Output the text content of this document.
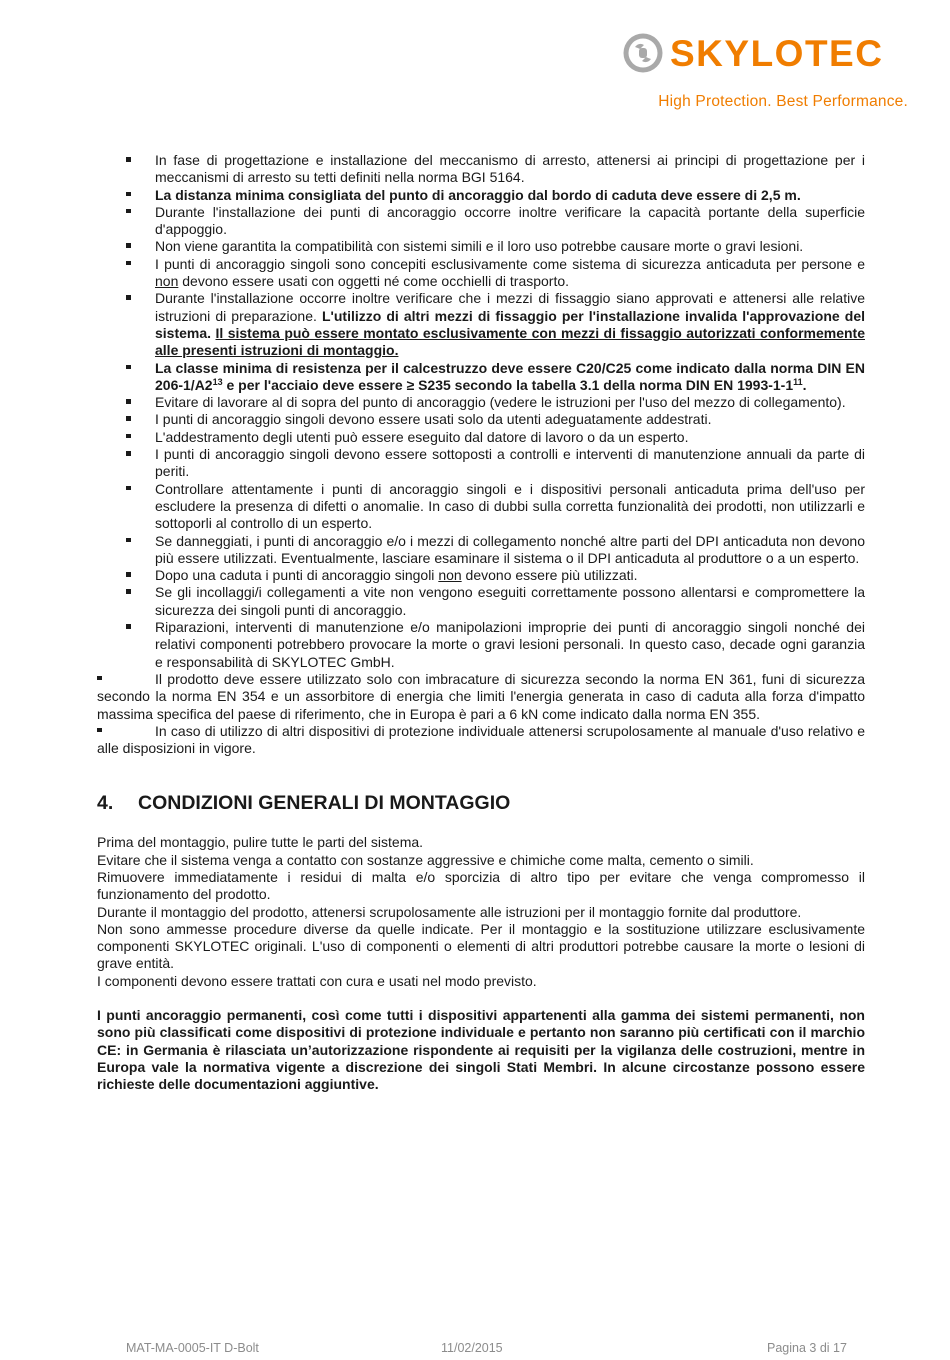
SKYLOTEC
High Protection. Best Performance.
In fase di progettazione e installazione del meccanismo di arresto, attenersi ai principi di progettazione per i meccanismi di arresto su tetti definiti nella norma BGI 5164.
La distanza minima consigliata del punto di ancoraggio dal bordo di caduta deve essere di 2,5 m.
Durante l'installazione dei punti di ancoraggio occorre inoltre verificare la capacità portante della superficie d'appoggio.
Non viene garantita la compatibilità con sistemi simili e il loro uso potrebbe causare morte o gravi lesioni.
I punti di ancoraggio singoli sono concepiti esclusivamente come sistema di sicurezza anticaduta per persone e non devono essere usati con oggetti né come occhielli di trasporto.
Durante l'installazione occorre inoltre verificare che i mezzi di fissaggio siano approvati e attenersi alle relative istruzioni di preparazione. L'utilizzo di altri mezzi di fissaggio per l'installazione invalida l'approvazione del sistema. Il sistema può essere montato esclusivamente con mezzi di fissaggio autorizzati conformemente alle presenti istruzioni di montaggio.
La classe minima di resistenza per il calcestruzzo deve essere C20/C25 come indicato dalla norma DIN EN $206-1/A2^{13}$ e per l'acciaio deve essere ≥ S235 secondo la tabella 3.1 della norma DIN EN $1993-1-1^{11}$.
Evitare di lavorare al di sopra del punto di ancoraggio (vedere le istruzioni per l'uso del mezzo di collegamento).
I punti di ancoraggio singoli devono essere usati solo da utenti adeguatamente addestrati.
L'addestramento degli utenti può essere eseguito dal datore di lavoro o da un esperto.
I punti di ancoraggio singoli devono essere sottoposti a controlli e interventi di manutenzione annuali da parte di periti.
Controllare attentamente i punti di ancoraggio singoli e i dispositivi personali anticaduta prima dell'uso per escludere la presenza di difetti o anomalie. In caso di dubbi sulla corretta funzionalità dei prodotti, non utilizzarli e sottoporli al controllo di un esperto.
Se danneggiati, i punti di ancoraggio e/o i mezzi di collegamento nonché altre parti del DPI anticaduta non devono più essere utilizzati. Eventualmente, lasciare esaminare il sistema o il DPI anticaduta al produttore o a un esperto.
Dopo una caduta i punti di ancoraggio singoli non devono essere più utilizzati.
Se gli incollaggi/i collegamenti a vite non vengono eseguiti correttamente possono allentarsi e compromettere la sicurezza dei singoli punti di ancoraggio.
Riparazioni, interventi di manutenzione e/o manipolazioni improprie dei punti di ancoraggio singoli nonché dei relativi componenti potrebbero provocare la morte o gravi lesioni personali. In questo caso, decade ogni garanzia e responsabilità di SKYLOTEC GmbH.
Il prodotto deve essere utilizzato solo con imbracature di sicurezza secondo la norma EN 361, funi di sicurezza secondo la norma EN 354 e un assorbitore di energia che limiti l'energia generata in caso di caduta alla forza d'impatto massima specifica del paese di riferimento, che in Europa è pari a 6 kN come indicato dalla norma EN 355.
In caso di utilizzo di altri dispositivi di protezione individuale attenersi scrupolosamente al manuale d'uso relativo e alle disposizioni in vigore.
4.	CONDIZIONI GENERALI DI MONTAGGIO

Prima del montaggio, pulire tutte le parti del sistema.

Evitare che il sistema venga a contatto con sostanze aggressive e chimiche come malta, cemento o simili.

Rimuovere immediatamente i residui di malta e/o sporcizia di altro tipo per evitare che venga compromesso il funzionamento del prodotto.

Durante il montaggio del prodotto, attenersi scrupolosamente alle istruzioni per il montaggio fornite dal produttore.

Non sono ammesse procedure diverse da quelle indicate. Per il montaggio e la sostituzione utilizzare esclusivamente componenti SKYLOTEC originali. L'uso di componenti o elementi di altri produttori potrebbe causare la morte o lesioni di grave entità.

I componenti devono essere trattati con cura e usati nel modo previsto.

I punti ancoraggio permanenti, così come tutti i dispositivi appartenenti alla gamma dei sistemi permanenti, non sono più classificati come dispositivi di protezione individuale e pertanto non saranno più certificati con il marchio CE: in Germania è rilasciata un’autorizzazione rispondente ai requisiti per la vigilanza delle costruzioni, mentre in Europa vale la normativa vigente a discrezione dei singoli Stati Membri. In alcune circostanze possono essere richieste delle documentazioni aggiuntive.

MAT-MA-0005-IT D-Bolt	11/02/2015	Pagina 3 di 17
